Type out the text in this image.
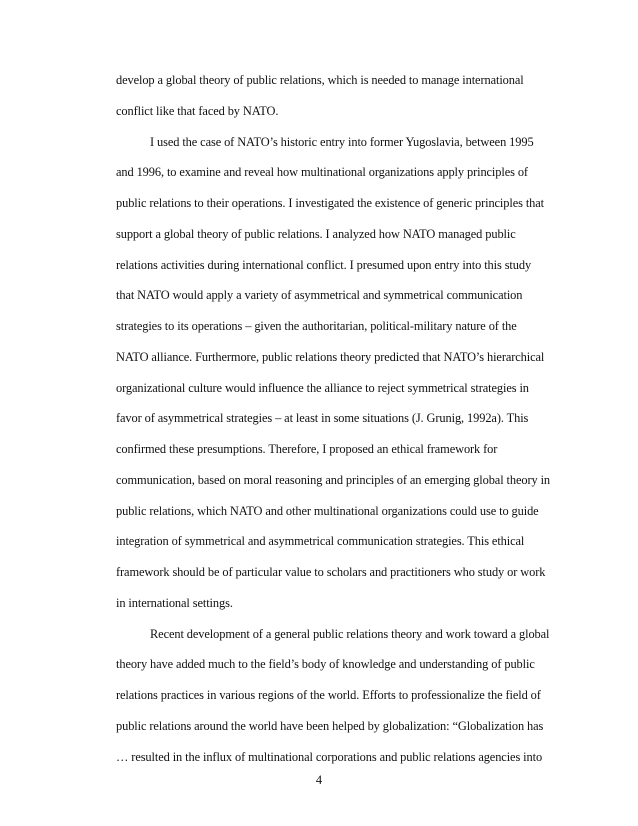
develop a global theory of public relations, which is needed to manage international
conflict like that faced by NATO.
I used the case of NATO’s historic entry into former Yugoslavia, between 1995
and 1996, to examine and reveal how multinational organizations apply principles of
public relations to their operations. I investigated the existence of generic principles that
support a global theory of public relations. I analyzed how NATO managed public
relations activities during international conflict. I presumed upon entry into this study
that NATO would apply a variety of asymmetrical and symmetrical communication
strategies to its operations – given the authoritarian, political-military nature of the
NATO alliance. Furthermore, public relations theory predicted that NATO’s hierarchical
organizational culture would influence the alliance to reject symmetrical strategies in
favor of asymmetrical strategies – at least in some situations (J. Grunig, 1992a). This
confirmed these presumptions. Therefore, I proposed an ethical framework for
communication, based on moral reasoning and principles of an emerging global theory in
public relations, which NATO and other multinational organizations could use to guide
integration of symmetrical and asymmetrical communication strategies. This ethical
framework should be of particular value to scholars and practitioners who study or work
in international settings.
Recent development of a general public relations theory and work toward a global
theory have added much to the field’s body of knowledge and understanding of public
relations practices in various regions of the world. Efforts to professionalize the field of
public relations around the world have been helped by globalization: “Globalization has
… resulted in the influx of multinational corporations and public relations agencies into
4
